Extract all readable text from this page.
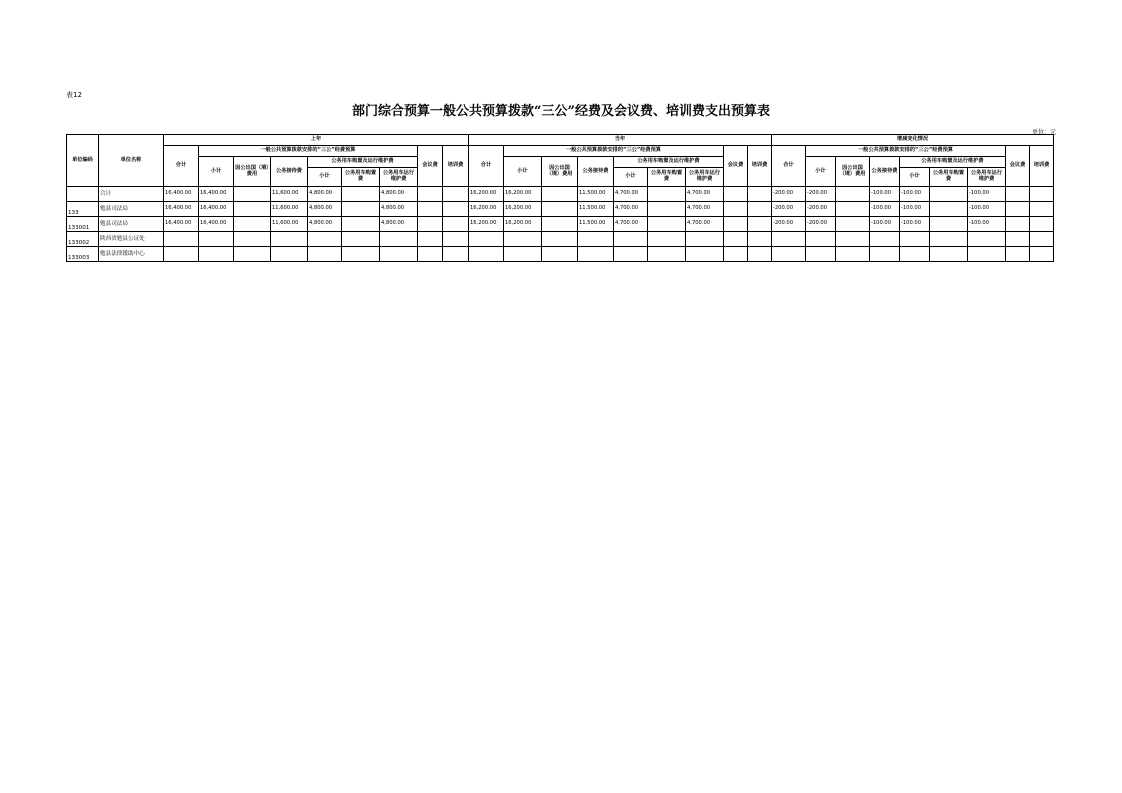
表12
部门综合预算一般公共预算拨款“三公”经费及会议费、培训费支出预算表
单位：元
单位编码	单位名称	上年									当年									增减变化情况								
		合计	一般公共预算拨款安排的“三公”经费预算						会议费	培训费	合计	一般公共预算拨款安排的“三公”经费预算						会议费	培训费	合计	一般公共预算拨款安排的“三公”经费预算						会议费	培训费
			小计	因公出国（境）费用	公务接待费	公务用车购置及运行维护费						小计	因公出国（境）费用	公务接待费	公务用车购置及运行维护费						小计	因公出国（境）费用	公务接待费	公务用车购置及运行维护费				
						小计	公务用车购置费	公务用车运行维护费							小计	公务用车购置费	公务用车运行维护费							小计	公务用车购置费	公务用车运行维护费		
	合计	16,400.00	16,400.00		11,600.00	4,800.00		4,800.00			16,200.00	16,200.00		11,500.00	4,700.00		4,700.00			-200.00	-200.00		-100.00	-100.00		-100.00		
133	勉县司法局	16,400.00	16,400.00		11,600.00	4,800.00		4,800.00			16,200.00	16,200.00		11,500.00	4,700.00		4,700.00			-200.00	-200.00		-100.00	-100.00		-100.00		
133001	勉县司法局	16,400.00	16,400.00		11,600.00	4,800.00		4,800.00			16,200.00	16,200.00		11,500.00	4,700.00		4,700.00			-200.00	-200.00		-100.00	-100.00		-100.00		
133002	陕西省勉县公证处																											
133003	勉县法律援助中心																											
